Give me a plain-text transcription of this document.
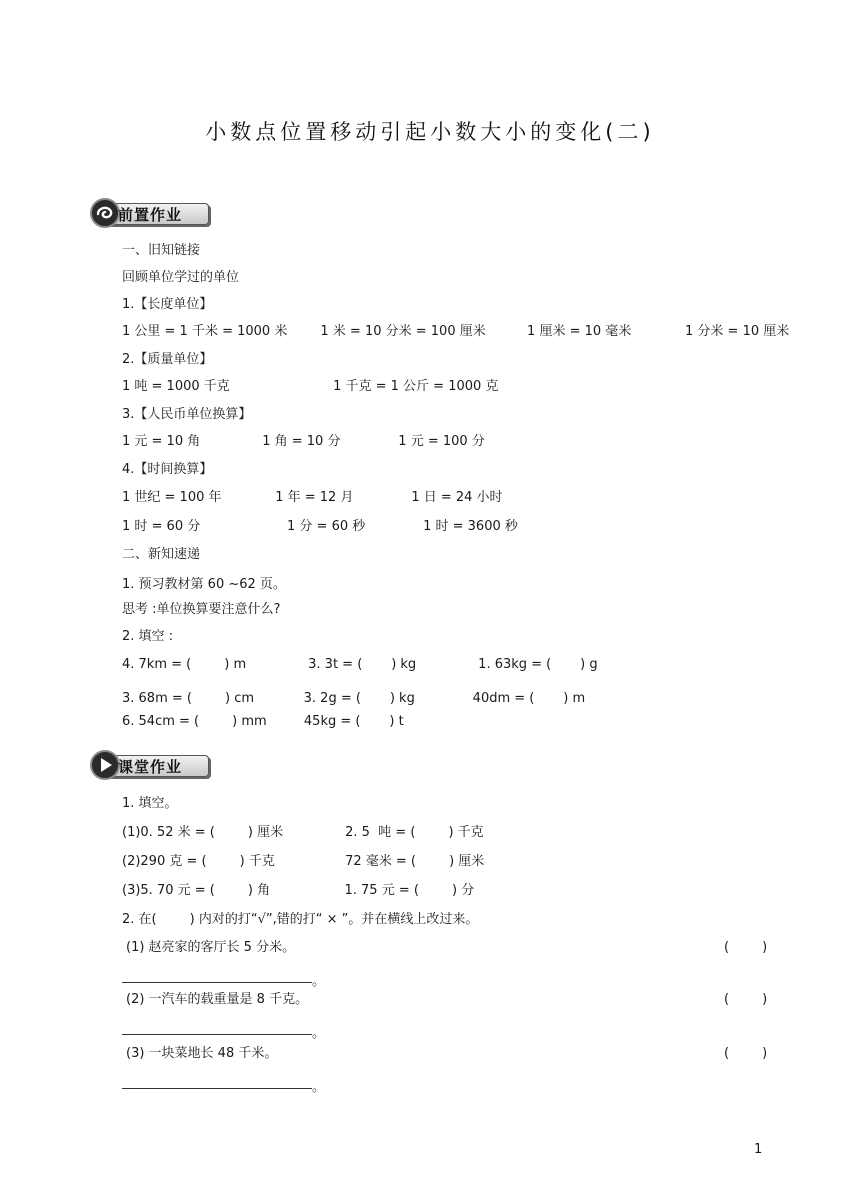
小数点位置移动引起小数大小的变化(二)
前置作业
一、旧知链接
回顾单位学过的单位
1.【长度单位】
1 公里 = 1 千米 = 1000 米        1 米 = 10 分米 = 100 厘米          1 厘米 = 10 毫米             1 分米 = 10 厘米
2.【质量单位】
1 吨 = 1000 千克                         1 千克 = 1 公斤 = 1000 克
3.【人民币单位换算】
1 元 = 10 角               1 角 = 10 分              1 元 = 100 分
4.【时间换算】
1 世纪 = 100 年             1 年 = 12 月              1 日 = 24 小时
1 时 = 60 分                     1 分 = 60 秒              1 时 = 3600 秒
二、新知速递
1. 预习教材第 60 ~62 页。
思考 :单位换算要注意什么?
2. 填空 :
4. 7km = (        ) m               3. 3t = (       ) kg               1. 63kg = (       ) g
3. 68m = (        ) cm            3. 2g = (       ) kg              40dm = (       ) m
6. 54cm = (        ) mm         45kg = (       ) t
课堂作业
1. 填空。
(1)0. 52 米 = (        ) 厘米               2. 5  吨 = (        ) 千克
(2)290 克 = (        ) 千克                 72 毫米 = (        ) 厘米
(3)5. 70 元 = (        ) 角                  1. 75 元 = (        ) 分
2. 在(        ) 内对的打“√”,错的打“ × ”。并在横线上改过来。
(1) 赵亮家的客厅长 5 分米。	(        )
。
(2) 一汽车的载重量是 8 千克。	(        )
。
(3) 一块菜地长 48 千米。	(        )
。
1
